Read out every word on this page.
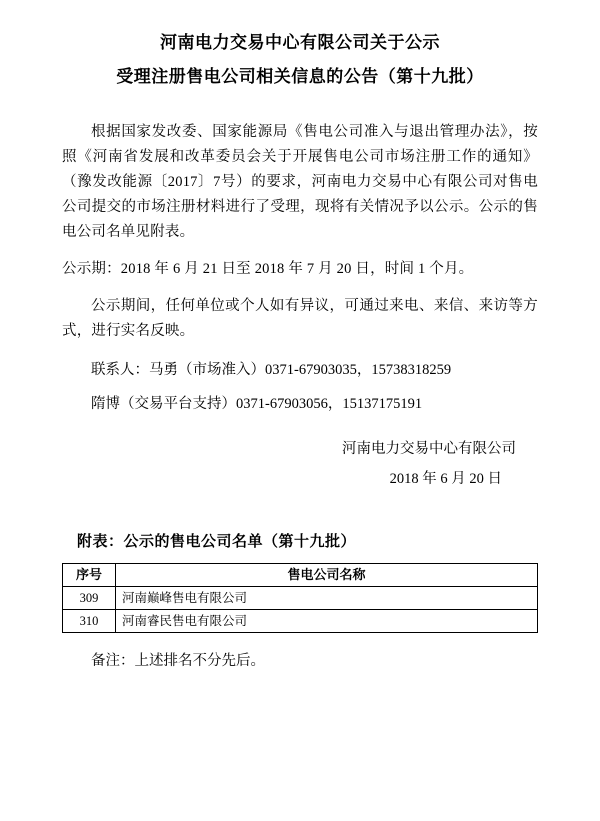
河南电力交易中心有限公司关于公示
受理注册售电公司相关信息的公告（第十九批）

根据国家发改委、国家能源局《售电公司准入与退出管理办法》，按照《河南省发展和改革委员会关于开展售电公司市场注册工作的通知》（豫发改能源〔2017〕7号）的要求，河南电力交易中心有限公司对售电公司提交的市场注册材料进行了受理，现将有关情况予以公示。公示的售电公司名单见附表。

公示期：2018 年 6 月 21 日至 2018 年 7 月 20 日，时间 1 个月。

公示期间，任何单位或个人如有异议，可通过来电、来信、来访等方式，进行实名反映。

联系人：马勇（市场准入）0371-67903035，15738318259

隋博（交易平台支持）0371-67903056，15137175191

河南电力交易中心有限公司
2018 年 6 月 20 日
附表：公示的售电公司名单（第十九批）
序号	售电公司名称
309	河南巅峰售电有限公司
310	河南睿民售电有限公司
备注：上述排名不分先后。
